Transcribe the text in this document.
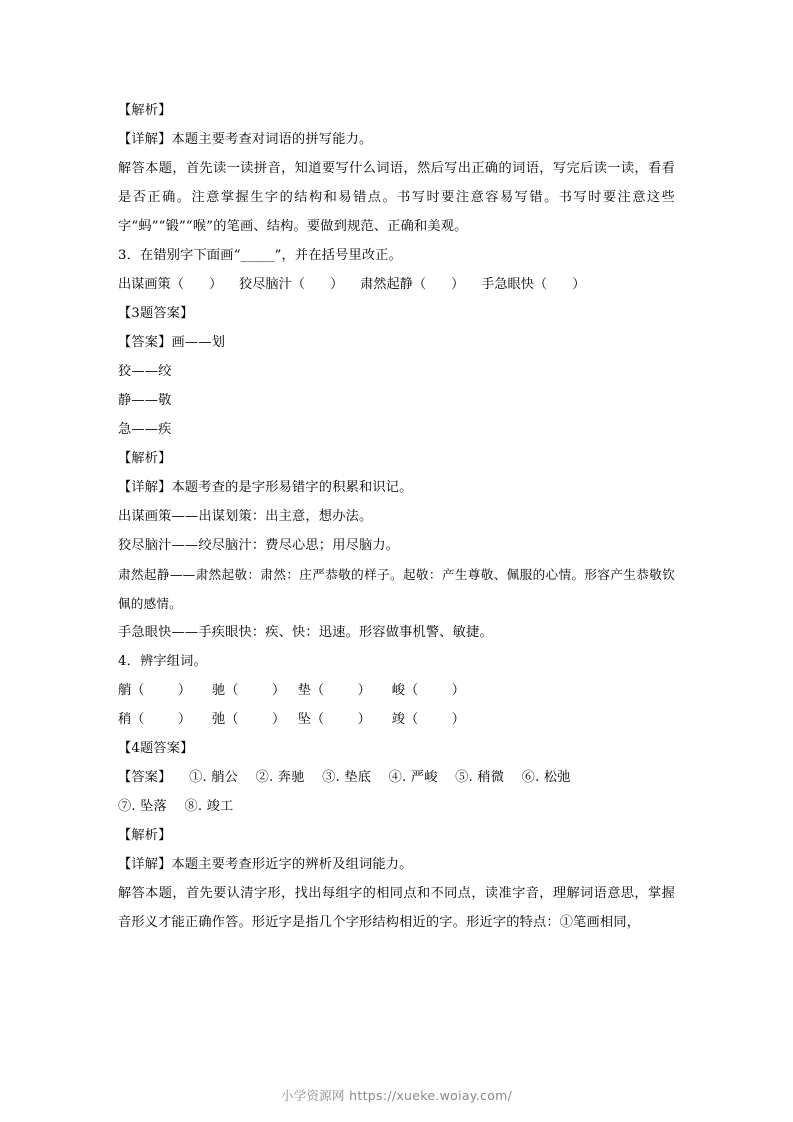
【解析】
【详解】本题主要考查对词语的拼写能力。
解答本题，首先读一读拼音，知道要写什么词语，然后写出正确的词语，写完后读一读，看看是否正确。注意掌握生字的结构和易错点。书写时要注意容易写错。书写时要注意这些字“蚂”“锻”“喉”的笔画、结构。要做到规范、正确和美观。
3．在错别字下面画“_____”，并在括号里改正。
出谋画策（      ）    狡尽脑汁（      ）    肃然起静（      ）    手急眼快（      ）
【3题答案】
【答案】画——划
狡——绞
静——敬
急——疾
【解析】
【详解】本题考查的是字形易错字的积累和识记。
出谋画策——出谋划策：出主意，想办法。
狡尽脑汁——绞尽脑汁：费尽心思；用尽脑力。
肃然起静——肃然起敬：肃然：庄严恭敬的样子。起敬：产生尊敬、佩服的心情。形容产生恭敬钦佩的感情。
手急眼快——手疾眼快：疾、快：迅速。形容做事机警、敏捷。
4．辨字组词。
艄（        ）     驰（        ）   垫（        ）     峻（        ）
稍（        ）     弛（        ）   坠（        ）     竣（        ）
【4题答案】
【答案】    ①. 艄公    ②. 奔驰    ③. 垫底    ④. 严峻    ⑤. 稍微    ⑥. 松弛
⑦. 坠落    ⑧. 竣工
【解析】
【详解】本题主要考查形近字的辨析及组词能力。
解答本题，首先要认清字形，找出每组字的相同点和不同点，读准字音，理解词语意思，掌握音形义才能正确作答。形近字是指几个字形结构相近的字。形近字的特点：①笔画相同，
小学资源网 https://xueke.woiay.com/
